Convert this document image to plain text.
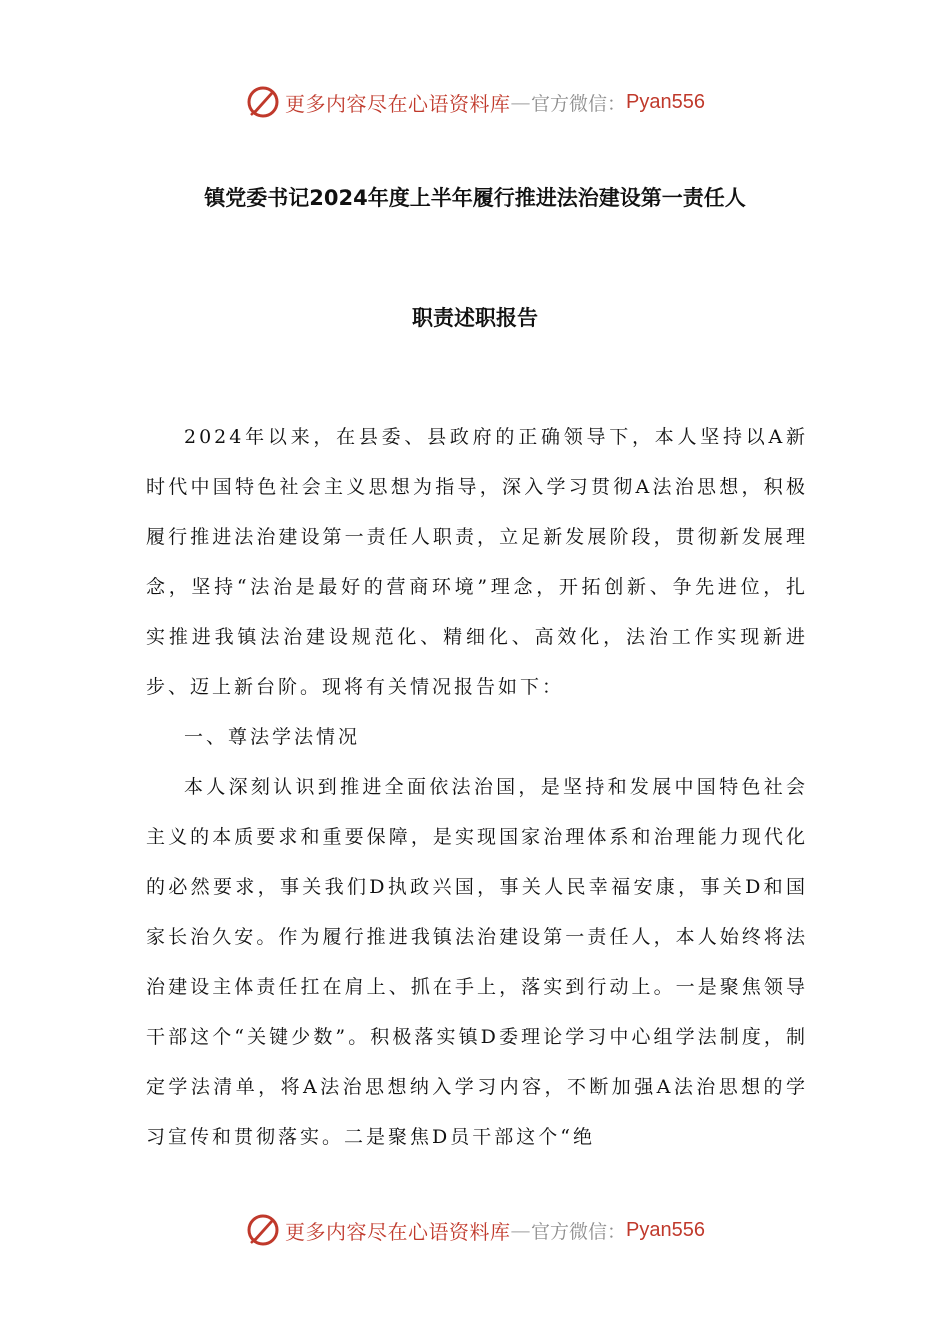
更多内容尽在心语资料库 — 官方微信： Pyan556
镇党委书记2024年度上半年履行推进法治建设第一责任人
职责述职报告

2024年以来，在县委、县政府的正确领导下，本人坚持以A新时代中国特色社会主义思想为指导，深入学习贯彻A法治思想，积极履行推进法治建设第一责任人职责，立足新发展阶段，贯彻新发展理念，坚持“法治是最好的营商环境”理念，开拓创新、争先进位，扎实推进我镇法治建设规范化、精细化、高效化，法治工作实现新进步、迈上新台阶。现将有关情况报告如下：

一、尊法学法情况

本人深刻认识到推进全面依法治国，是坚持和发展中国特色社会主义的本质要求和重要保障，是实现国家治理体系和治理能力现代化的必然要求，事关我们D执政兴国，事关人民幸福安康，事关D和国家长治久安。作为履行推进我镇法治建设第一责任人，本人始终将法治建设主体责任扛在肩上、抓在手上，落实到行动上。一是聚焦领导干部这个“关键少数”。积极落实镇D委理论学习中心组学法制度，制定学法清单，将A法治思想纳入学习内容，不断加强A法治思想的学习宣传和贯彻落实。二是聚焦D员干部这个“绝

更多内容尽在心语资料库 — 官方微信： Pyan556
